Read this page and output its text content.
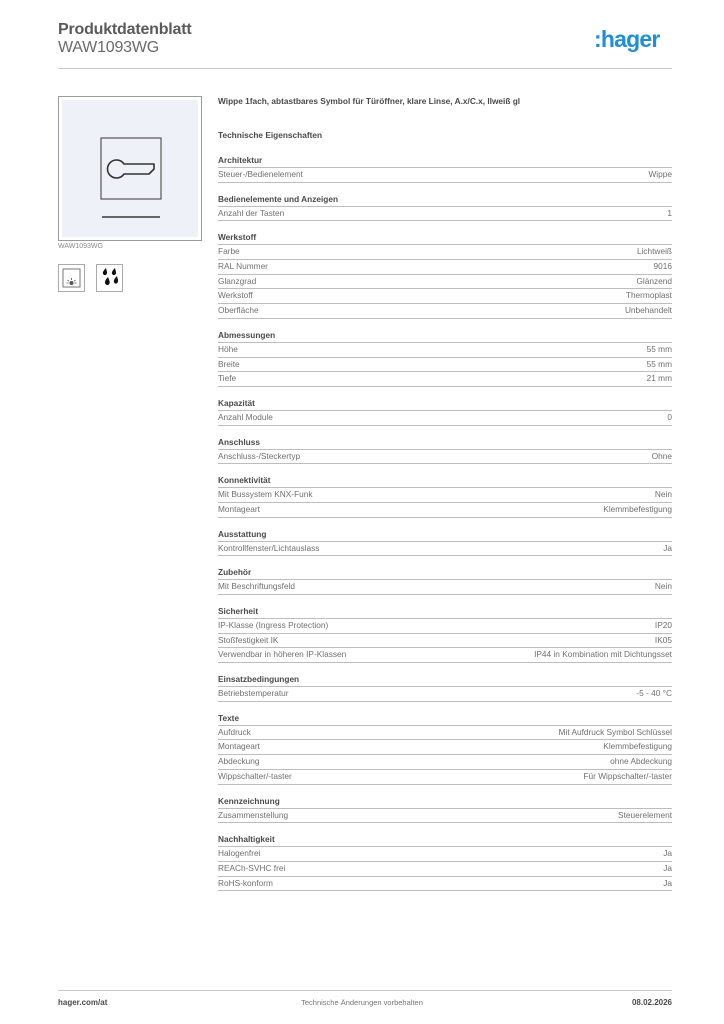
Produktdatenblatt
WAW1093WG	:hager
WAW1093WG
Wippe 1fach, abtastbares Symbol für Türöffner, klare Linse, A.x/C.x, lIweiß gl
Technische Eigenschaften
Architektur
Steuer-/Bedienelement	Wippe
Bedienelemente und Anzeigen
Anzahl der Tasten	1
Werkstoff
Farbe	Lichtweiß
RAL Nummer	9016
Glanzgrad	Glänzend
Werkstoff	Thermoplast
Oberfläche	Unbehandelt
Abmessungen
Höhe	55 mm
Breite	55 mm
Tiefe	21 mm
Kapazität
Anzahl Module	0
Anschluss
Anschluss-/Steckertyp	Ohne
Konnektivität
Mit Bussystem KNX-Funk	Nein
Montageart	Klemmbefestigung
Ausstattung
Kontrollfenster/Lichtauslass	Ja
Zubehör
Mit Beschriftungsfeld	Nein
Sicherheit
IP-Klasse (Ingress Protection)	IP20
Stoßfestigkeit IK	IK05
Verwendbar in höheren IP-Klassen	IP44 in Kombination mit Dichtungsset
Einsatzbedingungen
Betriebstemperatur	-5 - 40 °C
Texte
Aufdruck	Mit Aufdruck Symbol Schlüssel
Montageart	Klemmbefestigung
Abdeckung	ohne Abdeckung
Wippschalter/-taster	Für Wippschalter/-taster
Kennzeichnung
Zusammenstellung	Steuerelement
Nachhaltigkeit
Halogenfrei	Ja
REACh-SVHC frei	Ja
RoHS-konform	Ja
hager.com/at	Technische Änderungen vorbehalten	08.02.2026
